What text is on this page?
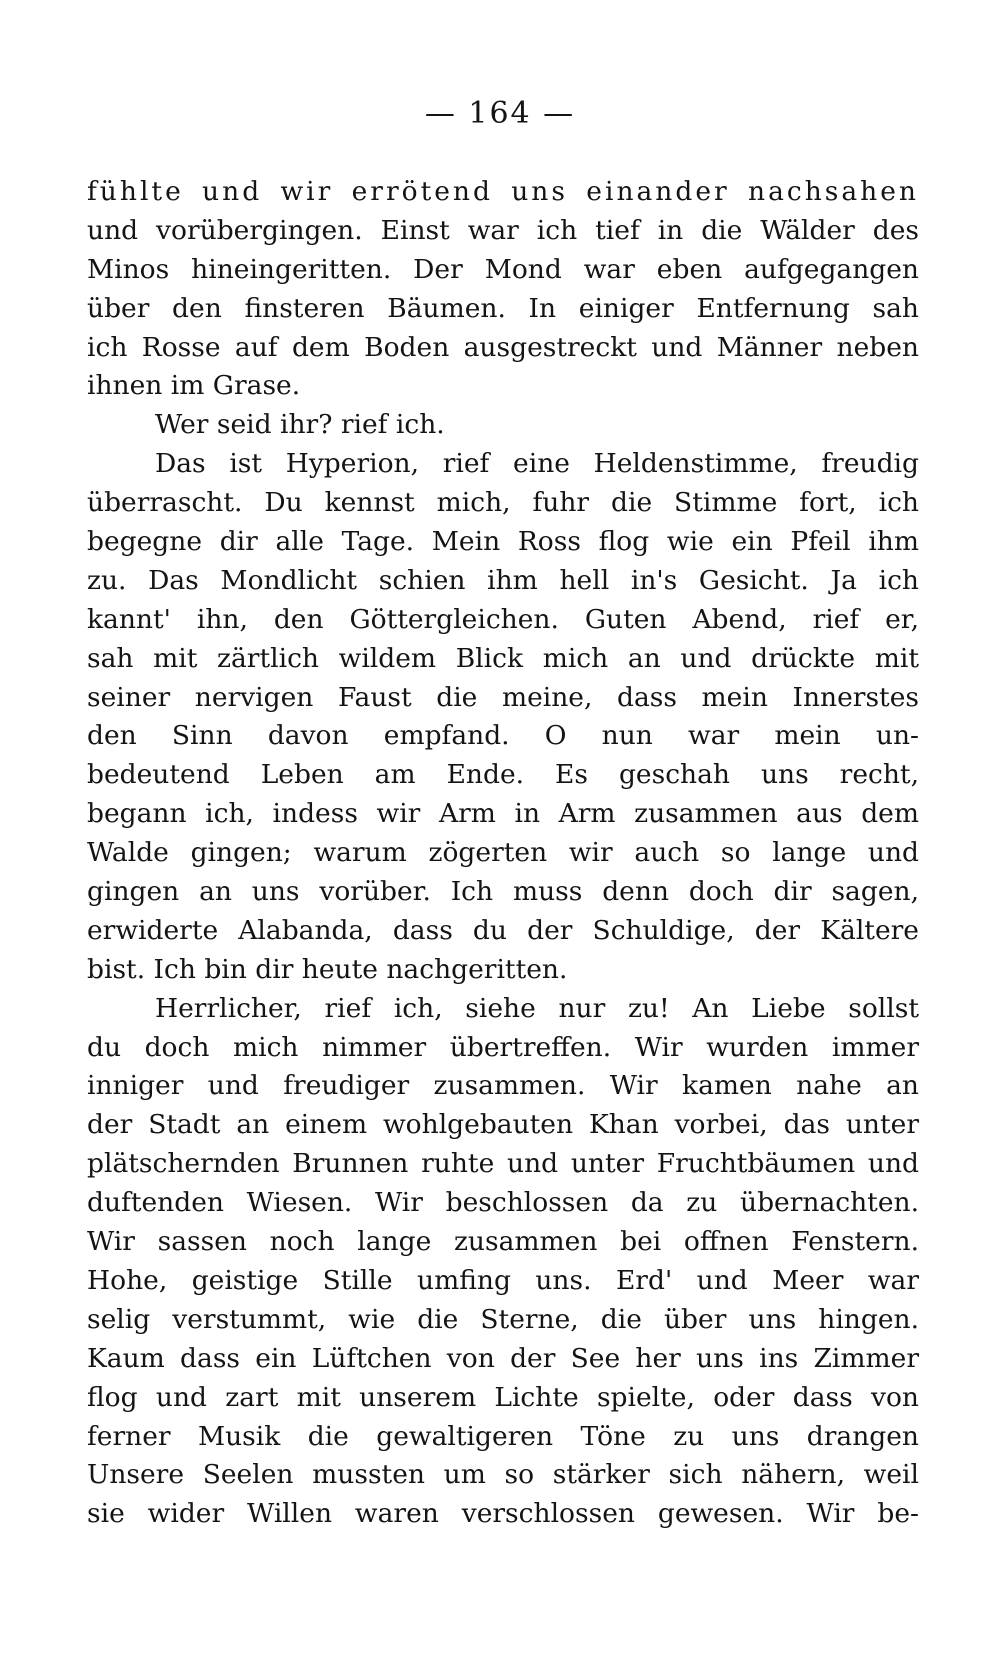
— 164 —
fühlte und wir errötend uns einander nachsahen
und vorübergingen. Einst war ich tief in die Wälder des
Minos hineingeritten. Der Mond war eben aufgegangen
über den finsteren Bäumen. In einiger Entfernung sah
ich Rosse auf dem Boden ausgestreckt und Männer neben
ihnen im Grase.
Wer seid ihr? rief ich.
Das ist Hyperion, rief eine Heldenstimme, freudig
überrascht. Du kennst mich, fuhr die Stimme fort, ich
begegne dir alle Tage. Mein Ross flog wie ein Pfeil ihm
zu. Das Mondlicht schien ihm hell in's Gesicht. Ja ich
kannt' ihn, den Göttergleichen. Guten Abend, rief er,
sah mit zärtlich wildem Blick mich an und drückte mit
seiner nervigen Faust die meine, dass mein Innerstes
den Sinn davon empfand. O nun war mein un-
bedeutend Leben am Ende. Es geschah uns recht,
begann ich, indess wir Arm in Arm zusammen aus dem
Walde gingen; warum zögerten wir auch so lange und
gingen an uns vorüber. Ich muss denn doch dir sagen,
erwiderte Alabanda, dass du der Schuldige, der Kältere
bist. Ich bin dir heute nachgeritten.
Herrlicher, rief ich, siehe nur zu! An Liebe sollst
du doch mich nimmer übertreffen. Wir wurden immer
inniger und freudiger zusammen. Wir kamen nahe an
der Stadt an einem wohlgebauten Khan vorbei, das unter
plätschernden Brunnen ruhte und unter Fruchtbäumen und
duftenden Wiesen. Wir beschlossen da zu übernachten.
Wir sassen noch lange zusammen bei offnen Fenstern.
Hohe, geistige Stille umfing uns. Erd' und Meer war
selig verstummt, wie die Sterne, die über uns hingen.
Kaum dass ein Lüftchen von der See her uns ins Zimmer
flog und zart mit unserem Lichte spielte, oder dass von
ferner Musik die gewaltigeren Töne zu uns drangen
Unsere Seelen mussten um so stärker sich nähern, weil
sie wider Willen waren verschlossen gewesen. Wir be-
